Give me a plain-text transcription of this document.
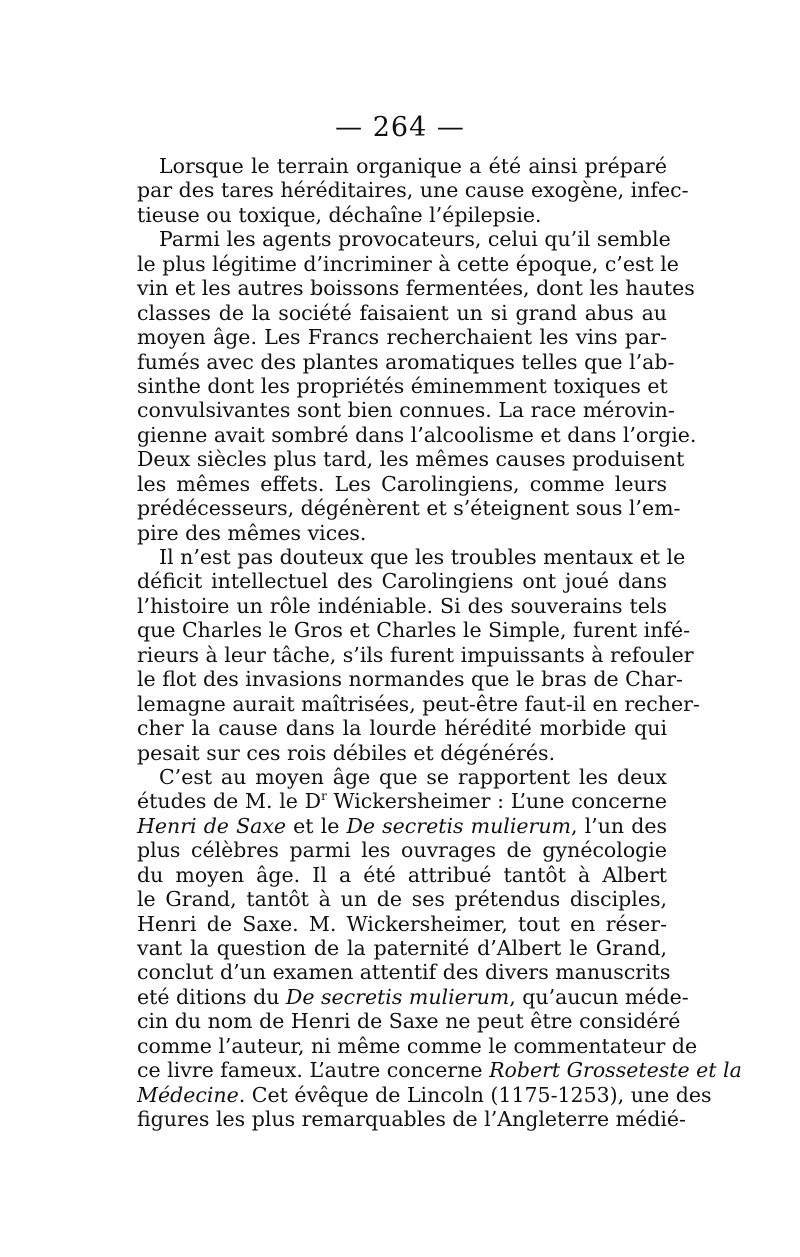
— 264 —
Lorsque le terrain organique a été ainsi préparé
par des tares héréditaires, une cause exogène, infec-
tieuse ou toxique, déchaîne l’épilepsie.
Parmi les agents provocateurs, celui qu’il semble
le plus légitime d’incriminer à cette époque, c’est le
vin et les autres boissons fermentées, dont les hautes
classes de la société faisaient un si grand abus au
moyen âge. Les Francs recherchaient les vins par-
fumés avec des plantes aromatiques telles que l’ab-
sinthe dont les propriétés éminemment toxiques et
convulsivantes sont bien connues. La race mérovin-
gienne avait sombré dans l’alcoolisme et dans l’orgie.
Deux siècles plus tard, les mêmes causes produisent
les mêmes effets. Les Carolingiens, comme leurs
prédécesseurs, dégénèrent et s’éteignent sous l’em-
pire des mêmes vices.
Il n’est pas douteux que les troubles mentaux et le
déficit intellectuel des Carolingiens ont joué dans
l’histoire un rôle indéniable. Si des souverains tels
que Charles le Gros et Charles le Simple, furent infé-
rieurs à leur tâche, s’ils furent impuissants à refouler
le flot des invasions normandes que le bras de Char-
lemagne aurait maîtrisées, peut-être faut-il en recher-
cher la cause dans la lourde hérédité morbide qui
pesait sur ces rois débiles et dégénérés.
C’est au moyen âge que se rapportent les deux
études de M. le $D^r$ Wickersheimer : L’une concerne
Henri de Saxe et le De secretis mulierum, l’un des
plus célèbres parmi les ouvrages de gynécologie
du moyen âge. Il a été attribué tantôt à Albert
le Grand, tantôt à un de ses prétendus disciples,
Henri de Saxe. M. Wickersheimer, tout en réser-
vant la question de la paternité d’Albert le Grand,
conclut d’un examen attentif des divers manuscrits
eté ditions du De secretis mulierum, qu’aucun méde-
cin du nom de Henri de Saxe ne peut être considéré
comme l’auteur, ni même comme le commentateur de
ce livre fameux. L’autre concerne Robert Grosseteste et la
Médecine. Cet évêque de Lincoln (1175-1253), une des
figures les plus remarquables de l’Angleterre médié-
